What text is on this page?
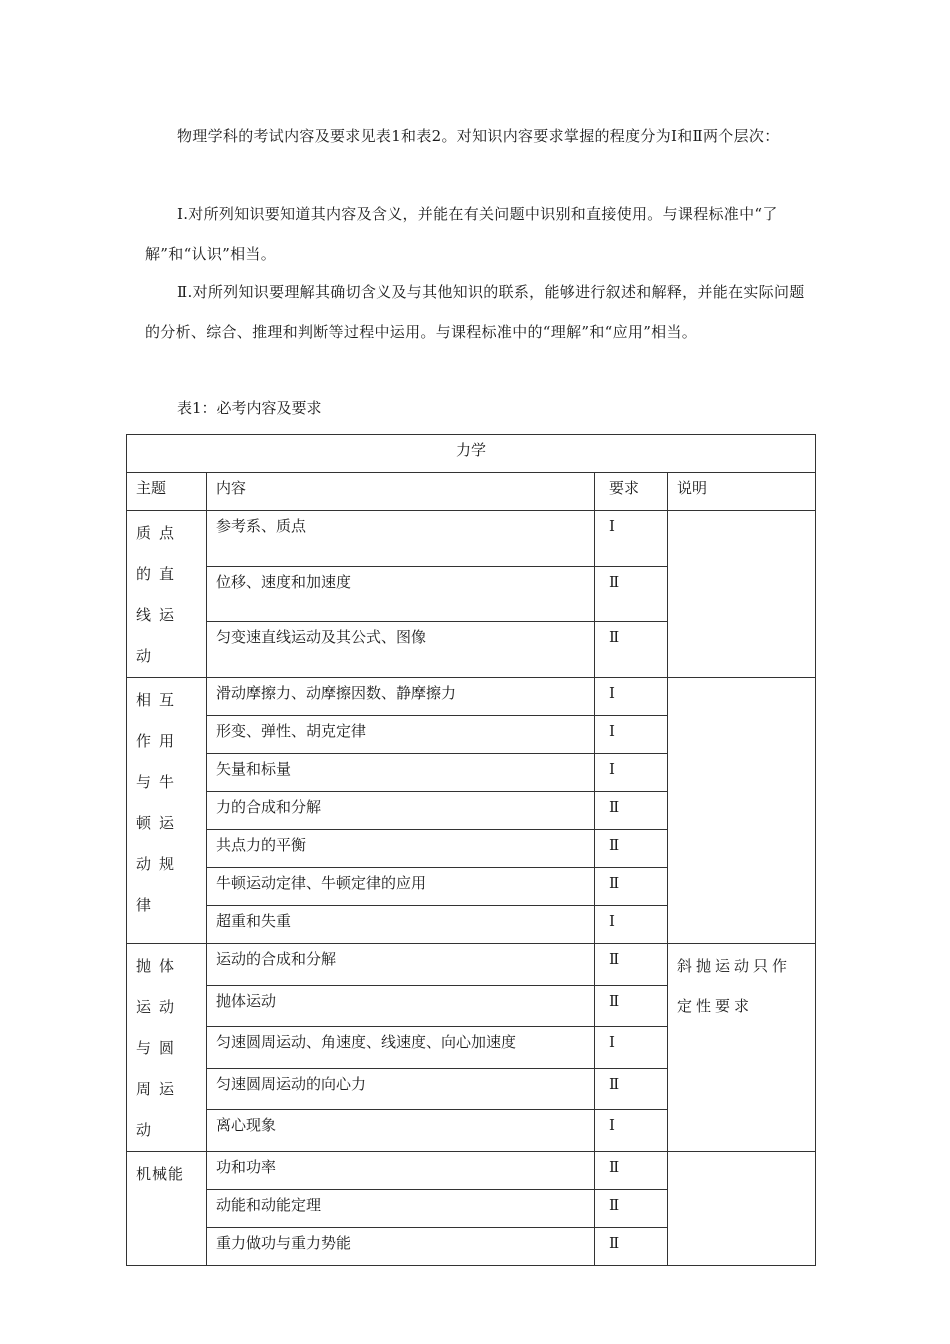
物理学科的考试内容及要求见表1和表2。对知识内容要求掌握的程度分为Ⅰ和Ⅱ两个层次：
Ⅰ.对所列知识要知道其内容及含义，并能在有关问题中识别和直接使用。与课程标准中“了解”和“认识”相当。
Ⅱ.对所列知识要理解其确切含义及与其他知识的联系，能够进行叙述和解释，并能在实际问题的分析、综合、推理和判断等过程中运用。与课程标准中的“理解”和“应用”相当。
表1：必考内容及要求
力学			
主题	内容	要求	说明
质点的直线运动	参考系、质点	Ⅰ	
	位移、速度和加速度	Ⅱ	
	匀变速直线运动及其公式、图像	Ⅱ	
相互作用与牛顿运动规律	滑动摩擦力、动摩擦因数、静摩擦力	Ⅰ	
	形变、弹性、胡克定律	Ⅰ	
	矢量和标量	Ⅰ	
	力的合成和分解	Ⅱ	
	共点力的平衡	Ⅱ	
	牛顿运动定律、牛顿定律的应用	Ⅱ	
	超重和失重	Ⅰ	
抛体运动与圆周运动	运动的合成和分解	Ⅱ	斜抛运动只作定性要求
	抛体运动	Ⅱ	
	匀速圆周运动、角速度、线速度、向心加速度	Ⅰ	
	匀速圆周运动的向心力	Ⅱ	
	离心现象	Ⅰ	
机械能	功和功率	Ⅱ	
	动能和动能定理	Ⅱ	
	重力做功与重力势能	Ⅱ	
